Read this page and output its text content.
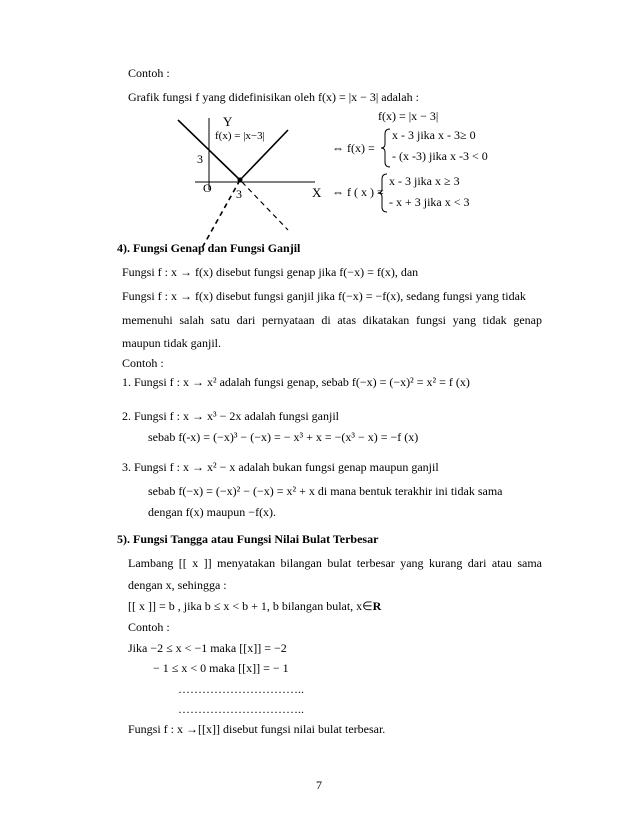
Contoh :
Grafik fungsi f yang didefinisikan oleh f(x) = |x − 3| adalah :
Y
f(x) = |x−3|
3
O 3	X
f(x) = |x − 3|
⇔ f(x) =
x - 3 jika x - 3≥ 0
- (x -3) jika x -3 < 0
⇔ f ( x ) =
x - 3 jika x ≥ 3
- x + 3 jika x < 3
4). Fungsi Genap dan Fungsi Ganjil
Fungsi f : x → f(x) disebut fungsi genap jika f(−x) = f(x), dan
Fungsi f : x → f(x) disebut fungsi ganjil jika f(−x) = −f(x), sedang fungsi yang tidak
memenuhi salah satu dari pernyataan di atas dikatakan fungsi yang tidak genap
maupun tidak ganjil.
Contoh :
1. Fungsi f : x → x² adalah fungsi genap, sebab f(−x) = (−x)² = x² = f (x)
2. Fungsi f : x → x³ − 2x adalah fungsi ganjil
sebab f(-x) = (−x)³ − (−x) = − x³ + x = −(x³ − x) = −f (x)
3. Fungsi f : x → x² − x adalah bukan fungsi genap maupun ganjil
sebab f(−x) = (−x)² − (−x) = x² + x di mana bentuk terakhir ini tidak sama
dengan f(x) maupun −f(x).
5). Fungsi Tangga atau Fungsi Nilai Bulat Terbesar
Lambang [[ x ]] menyatakan bilangan bulat terbesar yang kurang dari atau sama
dengan x, sehingga :
[[ x ]] = b , jika b ≤ x < b + 1, b bilangan bulat, x∈R
Contoh :
Jika −2 ≤ x < −1 maka [[x]] = −2
− 1 ≤ x < 0 maka [[x]] = − 1
…………………………..
…………………………..
Fungsi f : x →[[x]] disebut fungsi nilai bulat terbesar.
7
